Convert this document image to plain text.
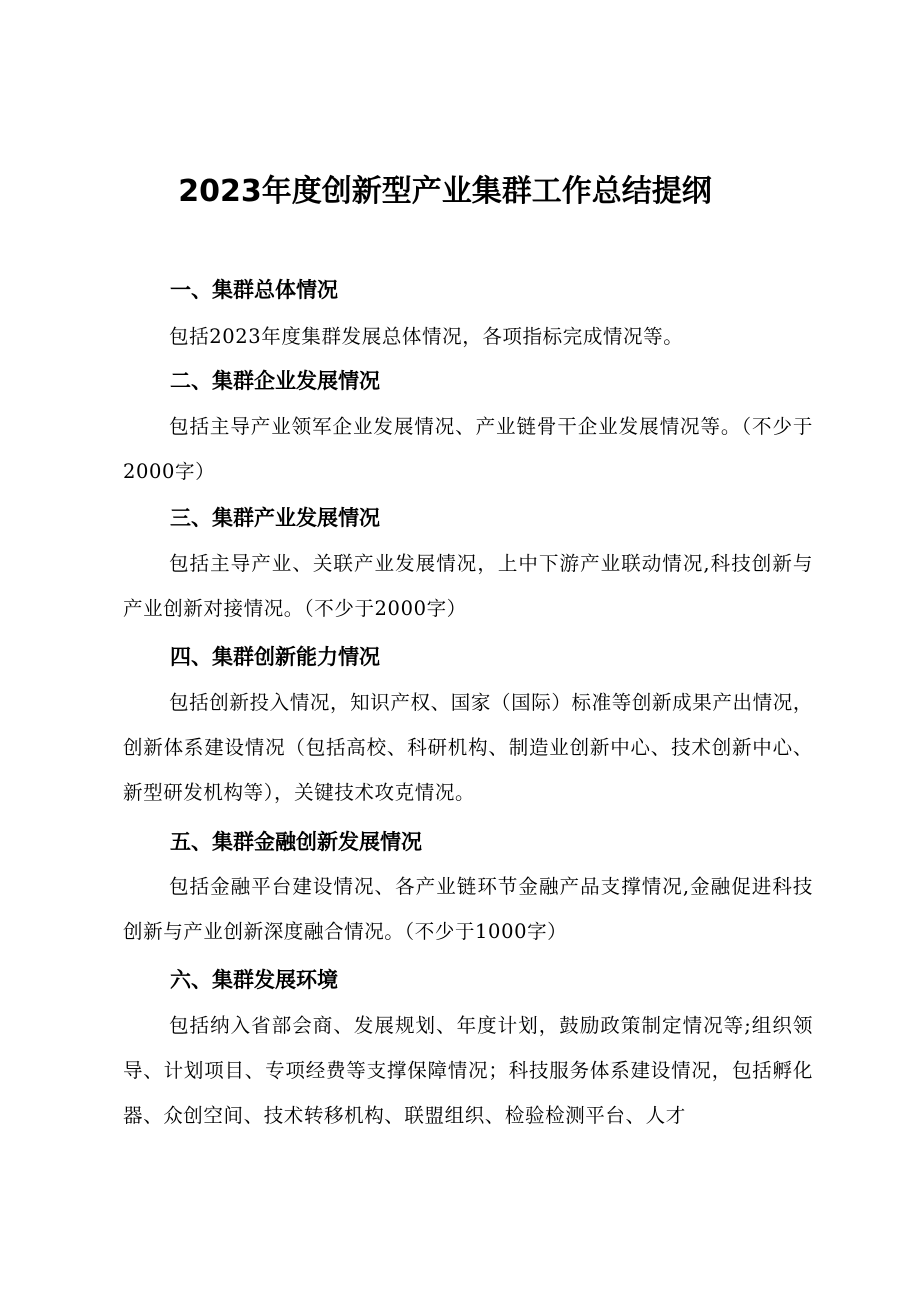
2023年度创新型产业集群工作总结提纲
一、集群总体情况

包括2023年度集群发展总体情况，各项指标完成情况等。

二、集群企业发展情况

包括主导产业领军企业发展情况、产业链骨干企业发展情况等。（不少于2000字）

三、集群产业发展情况

包括主导产业、关联产业发展情况，上中下游产业联动情况,科技创新与产业创新对接情况。（不少于2000字）

四、集群创新能力情况

包括创新投入情况，知识产权、国家（国际）标准等创新成果产出情况，创新体系建设情况（包括高校、科研机构、制造业创新中心、技术创新中心、新型研发机构等），关键技术攻克情况。

五、集群金融创新发展情况

包括金融平台建设情况、各产业链环节金融产品支撑情况,金融促进科技创新与产业创新深度融合情况。（不少于1000字）

六、集群发展环境

包括纳入省部会商、发展规划、年度计划，鼓励政策制定情况等;组织领导、计划项目、专项经费等支撑保障情况；科技服务体系建设情况，包括孵化器、众创空间、技术转移机构、联盟组织、检验检测平台、人才
